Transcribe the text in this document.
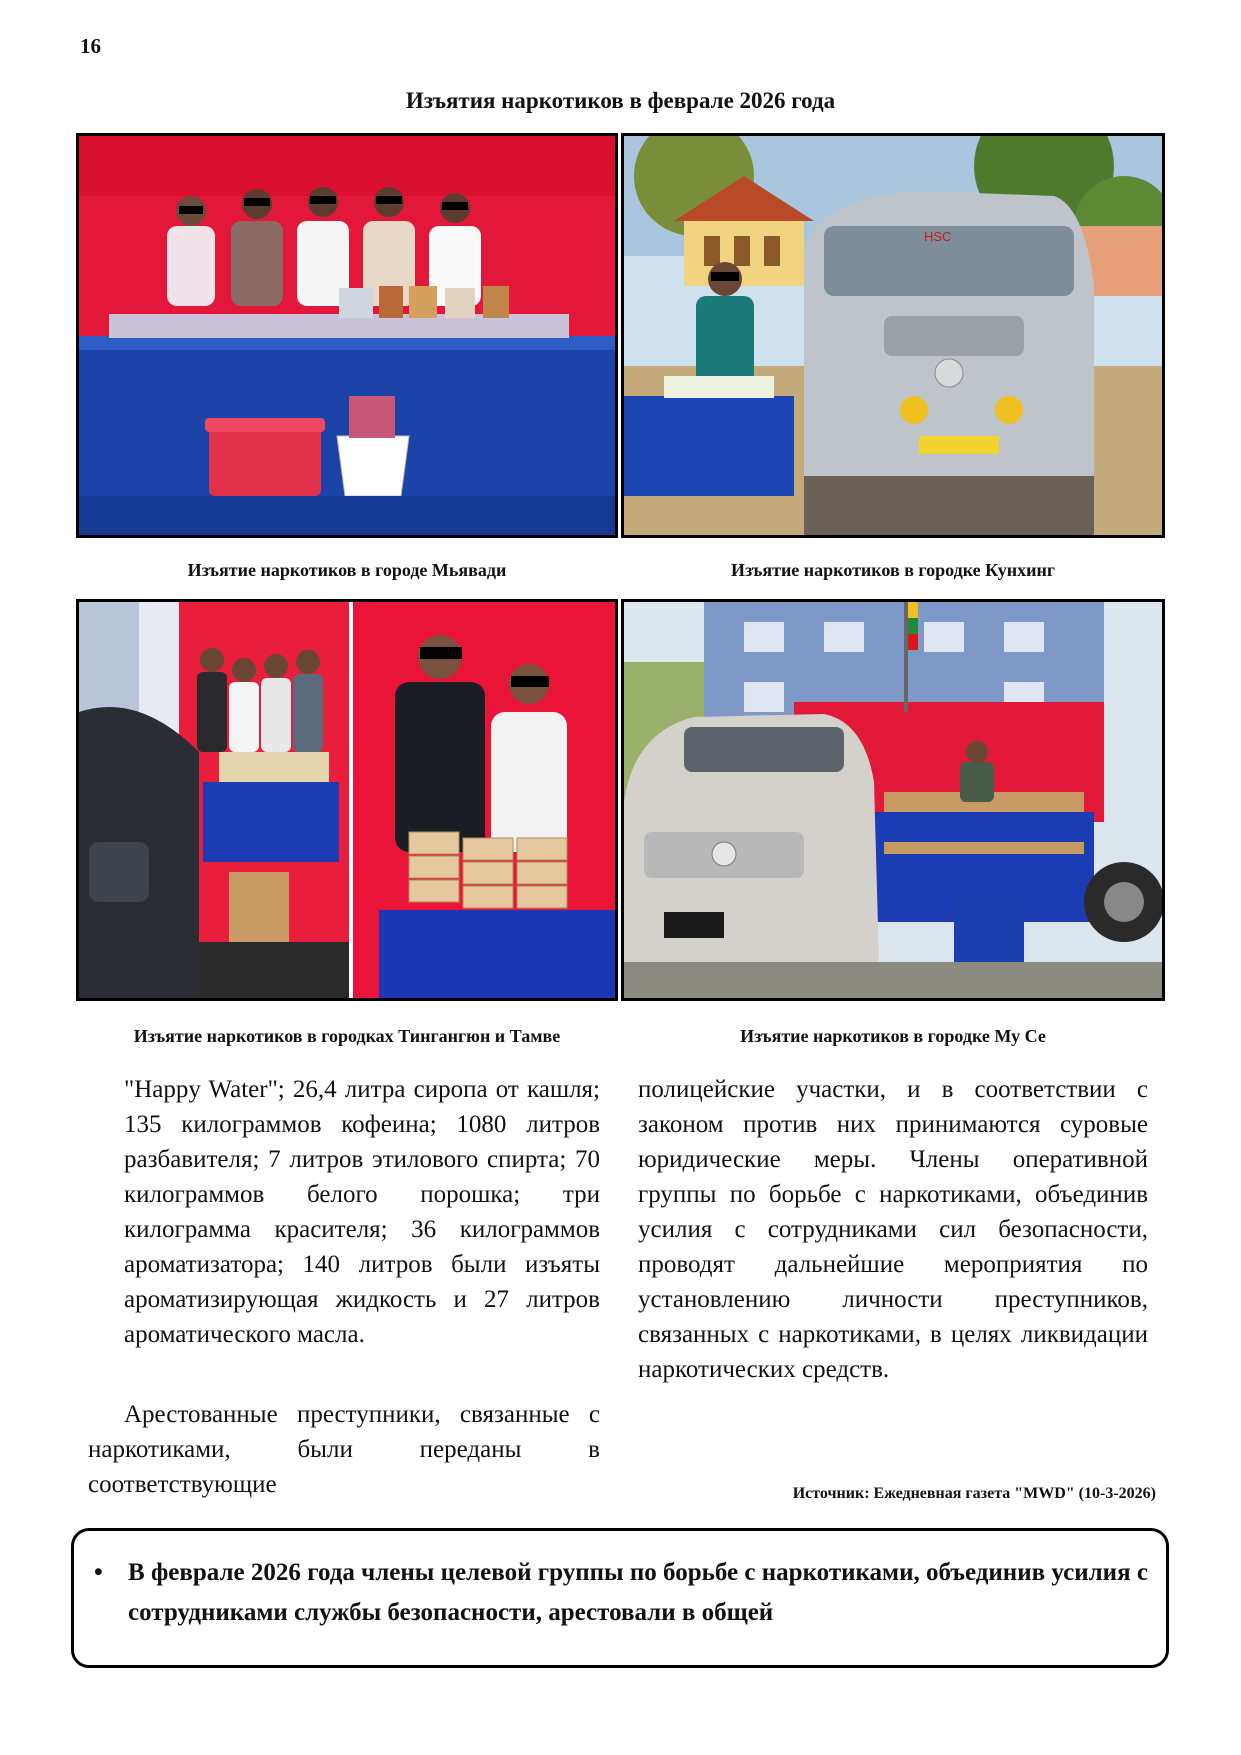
16
Изъятия наркотиков в феврале 2026 года
HSC
Изъятие наркотиков в городе Мьявади	Изъятие наркотиков в городке Кунхинг
Изъятие наркотиков в городках Тингангюн и Тамве	Изъятие наркотиков в городке Му Се
"Happy Water"; 26,4 литра сиропа от кашля; 135 килограммов кофеина; 1080 литров разбавителя; 7 литров этилового спирта; 70 килограммов белого порошка; три килограмма красителя; 36 килограммов ароматизатора; 140 литров были изъяты ароматизирующая жидкость и 27 литров ароматического масла.
Арестованные преступники, связанные с наркотиками, были переданы в соответствующие
полицейские участки, и в соответствии с законом против них принимаются суровые юридические меры. Члены оперативной группы по борьбе с наркотиками, объединив усилия с сотрудниками сил безопасности, проводят дальнейшие мероприятия по установлению личности преступников, связанных с наркотиками, в целях ликвидации наркотических средств.
Источник: Ежедневная газета "MWD" (10-3-2026)
• В феврале 2026 года члены целевой группы по борьбе с наркотиками, объединив усилия с сотрудниками службы безопасности, арестовали в общей
